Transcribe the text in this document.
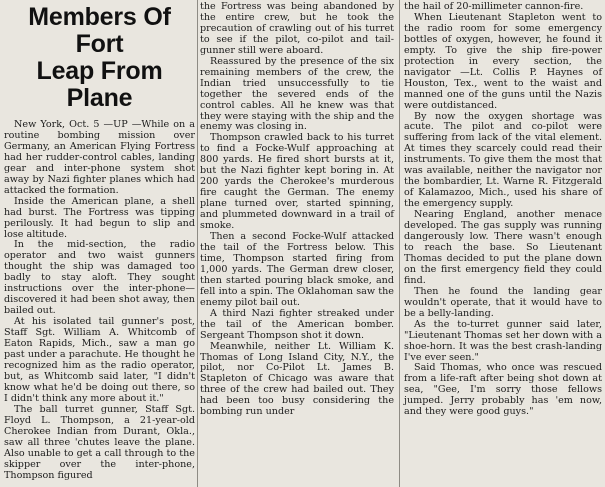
Members Of Fort
Leap From Plane

New York, Oct. 5 —UP —While on a routine bombing mission over Germany, an American Flying Fortress had her rudder-control cables, landing gear and inter-phone system shot away by Nazi fighter planes which had attacked the formation.

Inside the American plane, a shell had burst. The Fortress was tipping perilously. It had begun to slip and lose altitude.

In the mid-section, the radio operator and two waist gunners thought the ship was damaged too badly to stay aloft. They sought instructions over the inter-phone—discovered it had been shot away, then bailed out.

At his isolated tail gunner's post, Staff Sgt. William A. Whitcomb of Eaton Rapids, Mich., saw a man go past under a parachute. He thought he recognized him as the radio operator, but, as Whitcomb said later, "I didn't know what he'd be doing out there, so I didn't think any more about it."

The ball turret gunner, Staff Sgt. Floyd L. Thompson, a 21-year-old Cherokee Indian from Durant, Okla., saw all three 'chutes leave the plane. Also unable to get a call through to the skipper over the inter-phone, Thompson figured

the Fortress was being abandoned by the entire crew, but he took the precaution of crawling out of his turret to see if the pilot, co-pilot and tail-gunner still were aboard.

Reassured by the presence of the six remaining members of the crew, the Indian tried unsuccessfully to tie together the severed ends of the control cables. All he knew was that they were staying with the ship and the enemy was closing in.

Thompson crawled back to his turret to find a Focke-Wulf approaching at 800 yards. He fired short bursts at it, but the Nazi fighter kept boring in. At 200 yards the Cherokee's murderous fire caught the German. The enemy plane turned over, started spinning, and plummeted downward in a trail of smoke.

Then a second Focke-Wulf attacked the tail of the Fortress below. This time, Thompson started firing from 1,000 yards. The German drew closer, then started pouring black smoke, and fell into a spin. The Oklahoman saw the enemy pilot bail out.

A third Nazi fighter streaked under the tail of the American bomber. Sergeant Thompson shot it down.

Meanwhile, neither Lt. William K. Thomas of Long Island City, N.Y., the pilot, nor Co-Pilot Lt. James B. Stapleton of Chicago was aware that three of the crew had bailed out. They had been too busy considering the bombing run under

the hail of 20-millimeter cannon-fire.

When Lieutenant Stapleton went to the radio room for some emergency bottles of oxygen, however, he found it empty. To give the ship fire-power protection in every section, the navigator —Lt. Collis P. Haynes of Houston, Tex., went to the waist and manned one of the guns until the Nazis were outdistanced.

By now the oxygen shortage was acute. The pilot and co-pilot were suffering from lack of the vital element. At times they scarcely could read their instruments. To give them the most that was available, neither the navigator nor the bombardier, Lt. Warne R. Fitzgerald of Kalamazoo, Mich., used his share of the emergency supply.

Nearing England, another menace developed. The gas supply was running dangerously low. There wasn't enough to reach the base. So Lieutenant Thomas decided to put the plane down on the first emergency field they could find.

Then he found the landing gear wouldn't operate, that it would have to be a belly-landing.

As the to-turret gunner said later, "Lieutenant Thomas set her down with a shoe-horn. It was the best crash-landing I've ever seen."

Said Thomas, who once was rescued from a life-raft after being shot down at sea, "Gee, I'm sorry those fellows jumped. Jerry probably has 'em now, and they were good guys."
